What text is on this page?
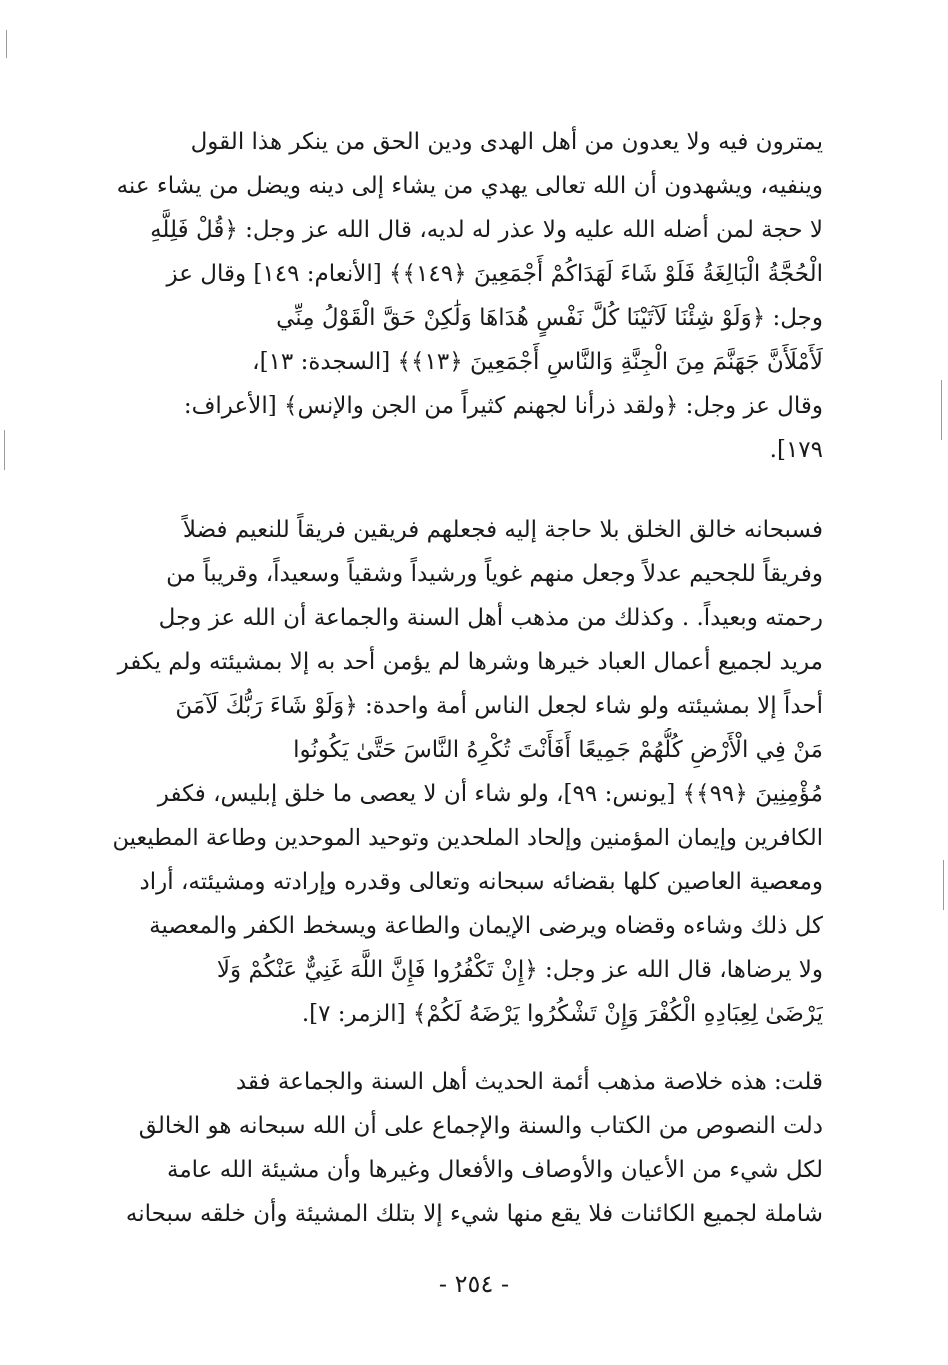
يمترون فيه ولا يعدون من أهل الهدى ودين الحق من ينكر هذا القول
وينفيه، ويشهدون أن الله تعالى يهدي من يشاء إلى دينه ويضل من يشاء عنه
لا حجة لمن أضله الله عليه ولا عذر له لديه، قال الله عز وجل: ﴿قُلْ فَلِلَّهِ
الْحُجَّةُ الْبَالِغَةُ فَلَوْ شَاءَ لَهَدَاكُمْ أَجْمَعِينَ ﴿١٤٩﴾﴾ [الأنعام: ١٤٩] وقال عز
وجل: ﴿وَلَوْ شِئْنَا لَآتَيْنَا كُلَّ نَفْسٍ هُدَاهَا وَلَٰكِنْ حَقَّ الْقَوْلُ مِنِّي
لَأَمْلَأَنَّ جَهَنَّمَ مِنَ الْجِنَّةِ وَالنَّاسِ أَجْمَعِينَ ﴿١٣﴾﴾ [السجدة: ١٣]،
وقال عز وجل: ﴿ولقد ذرأنا لجهنم كثيراً من الجن والإنس﴾ [الأعراف:
١٧٩].
فسبحانه خالق الخلق بلا حاجة إليه فجعلهم فريقين فريقاً للنعيم فضلاً
وفريقاً للجحيم عدلاً وجعل منهم غوياً ورشيداً وشقياً وسعيداً، وقريباً من
رحمته وبعيداً. . وكذلك من مذهب أهل السنة والجماعة أن الله عز وجل
مريد لجميع أعمال العباد خيرها وشرها لم يؤمن أحد به إلا بمشيئته ولم يكفر
أحداً إلا بمشيئته ولو شاء لجعل الناس أمة واحدة: ﴿وَلَوْ شَاءَ رَبُّكَ لَآمَنَ
مَنْ فِي الْأَرْضِ كُلُّهُمْ جَمِيعًا أَفَأَنْتَ تُكْرِهُ النَّاسَ حَتَّىٰ يَكُونُوا
مُؤْمِنِينَ ﴿٩٩﴾﴾ [يونس: ٩٩]، ولو شاء أن لا يعصى ما خلق إبليس، فكفر
الكافرين وإيمان المؤمنين وإلحاد الملحدين وتوحيد الموحدين وطاعة المطيعين
ومعصية العاصين كلها بقضائه سبحانه وتعالى وقدره وإرادته ومشيئته، أراد
كل ذلك وشاءه وقضاه ويرضى الإيمان والطاعة ويسخط الكفر والمعصية
ولا يرضاها، قال الله عز وجل: ﴿إِنْ تَكْفُرُوا فَإِنَّ اللَّهَ غَنِيٌّ عَنْكُمْ وَلَا
يَرْضَىٰ لِعِبَادِهِ الْكُفْرَ وَإِنْ تَشْكُرُوا يَرْضَهُ لَكُمْ﴾ [الزمر: ٧].
قلت: هذه خلاصة مذهب أئمة الحديث أهل السنة والجماعة فقد
دلت النصوص من الكتاب والسنة والإجماع على أن الله سبحانه هو الخالق
لكل شيء من الأعيان والأوصاف والأفعال وغيرها وأن مشيئة الله عامة
شاملة لجميع الكائنات فلا يقع منها شيء إلا بتلك المشيئة وأن خلقه سبحانه
- ٢٥٤ -
